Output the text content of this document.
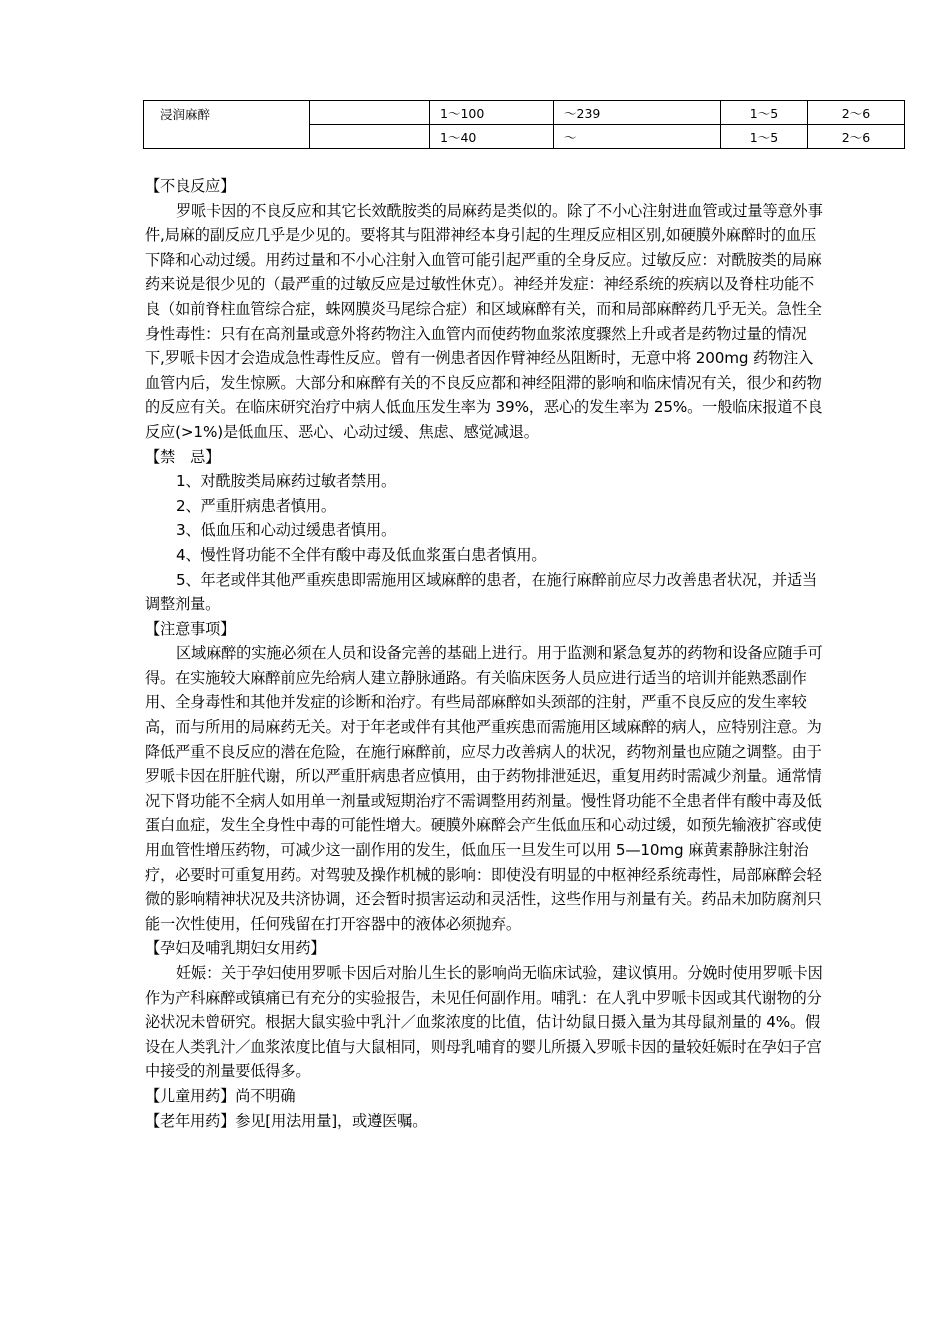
浸润麻醉		1～100	～239	1～5	2～6
		1～40	～	1～5	2～6

【不良反应】

罗哌卡因的不良反应和其它长效酰胺类的局麻药是类似的。除了不小心注射进血管或过量等意外事件,局麻的副反应几乎是少见的。要将其与阻滞神经本身引起的生理反应相区别,如硬膜外麻醉时的血压下降和心动过缓。用药过量和不小心注射入血管可能引起严重的全身反应。过敏反应：对酰胺类的局麻药来说是很少见的（最严重的过敏反应是过敏性休克）。神经并发症：神经系统的疾病以及脊柱功能不良（如前脊柱血管综合症，蛛网膜炎马尾综合症）和区域麻醉有关，而和局部麻醉药几乎无关。急性全身性毒性：只有在高剂量或意外将药物注入血管内而使药物血浆浓度骤然上升或者是药物过量的情况下,罗哌卡因才会造成急性毒性反应。曾有一例患者因作臂神经丛阻断时，无意中将 200mg 药物注入血管内后，发生惊厥。大部分和麻醉有关的不良反应都和神经阻滞的影响和临床情况有关，很少和药物的反应有关。在临床研究治疗中病人低血压发生率为 39%，恶心的发生率为 25%。一般临床报道不良反应(>1%)是低血压、恶心、心动过缓、焦虑、感觉减退。

【禁　忌】

1、对酰胺类局麻药过敏者禁用。

2、严重肝病患者慎用。

3、低血压和心动过缓患者慎用。

4、慢性肾功能不全伴有酸中毒及低血浆蛋白患者慎用。

5、年老或伴其他严重疾患即需施用区域麻醉的患者，在施行麻醉前应尽力改善患者状况，并适当调整剂量。

【注意事项】

区域麻醉的实施必须在人员和设备完善的基础上进行。用于监测和紧急复苏的药物和设备应随手可得。在实施较大麻醉前应先给病人建立静脉通路。有关临床医务人员应进行适当的培训并能熟悉副作用、全身毒性和其他并发症的诊断和治疗。有些局部麻醉如头颈部的注射，严重不良反应的发生率较高，而与所用的局麻药无关。对于年老或伴有其他严重疾患而需施用区域麻醉的病人，应特别注意。为降低严重不良反应的潜在危险，在施行麻醉前，应尽力改善病人的状况，药物剂量也应随之调整。由于罗哌卡因在肝脏代谢，所以严重肝病患者应慎用，由于药物排泄延迟，重复用药时需减少剂量。通常情况下肾功能不全病人如用单一剂量或短期治疗不需调整用药剂量。慢性肾功能不全患者伴有酸中毒及低蛋白血症，发生全身性中毒的可能性增大。硬膜外麻醉会产生低血压和心动过缓，如预先输液扩容或使用血管性增压药物，可减少这一副作用的发生，低血压一旦发生可以用 5—10mg 麻黄素静脉注射治疗，必要时可重复用药。对驾驶及操作机械的影响：即使没有明显的中枢神经系统毒性，局部麻醉会轻微的影响精神状况及共济协调，还会暂时损害运动和灵活性，这些作用与剂量有关。药品未加防腐剂只能一次性使用，任何残留在打开容器中的液体必须抛弃。

【孕妇及哺乳期妇女用药】

妊娠：关于孕妇使用罗哌卡因后对胎儿生长的影响尚无临床试验，建议慎用。分娩时使用罗哌卡因作为产科麻醉或镇痛已有充分的实验报告，未见任何副作用。哺乳：在人乳中罗哌卡因或其代谢物的分泌状况未曾研究。根据大鼠实验中乳汁／血浆浓度的比值，估计幼鼠日摄入量为其母鼠剂量的 4%。假设在人类乳汁／血浆浓度比值与大鼠相同，则母乳哺育的婴儿所摄入罗哌卡因的量较妊娠时在孕妇子宫中接受的剂量要低得多。

【儿童用药】尚不明确

【老年用药】参见[用法用量]，或遵医嘱。
